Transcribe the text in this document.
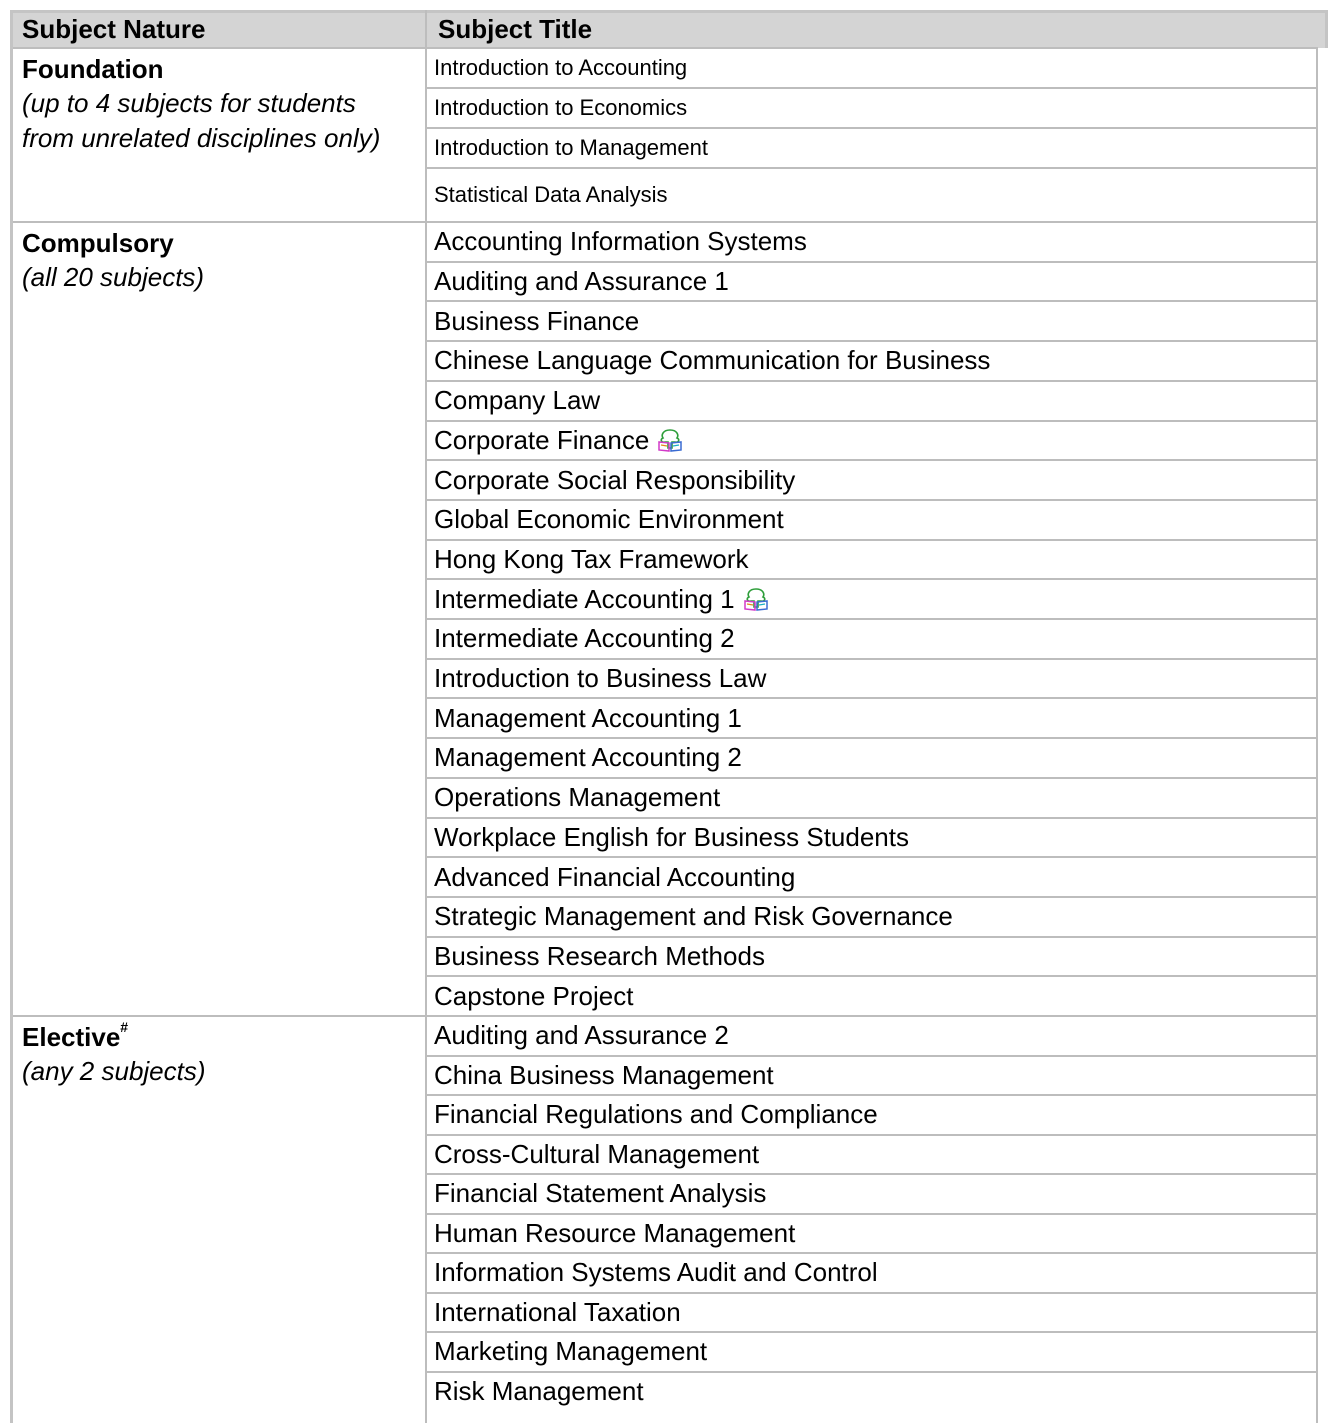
Subject Nature	Subject Title
Foundation
(up to 4 subjects for students from unrelated disciplines only)
Introduction to Accounting
Introduction to Economics
Introduction to Management
Statistical Data Analysis
Compulsory
(all 20 subjects)
Accounting Information Systems
Auditing and Assurance 1
Business Finance
Chinese Language Communication for Business
Company Law
Corporate Finance
Corporate Social Responsibility
Global Economic Environment
Hong Kong Tax Framework
Intermediate Accounting 1
Intermediate Accounting 2
Introduction to Business Law
Management Accounting 1
Management Accounting 2
Operations Management
Workplace English for Business Students
Advanced Financial Accounting
Strategic Management and Risk Governance
Business Research Methods
Capstone Project
Elective#
(any 2 subjects)
Auditing and Assurance 2
China Business Management
Financial Regulations and Compliance
Cross-Cultural Management
Financial Statement Analysis
Human Resource Management
Information Systems Audit and Control
International Taxation
Marketing Management
Risk Management
